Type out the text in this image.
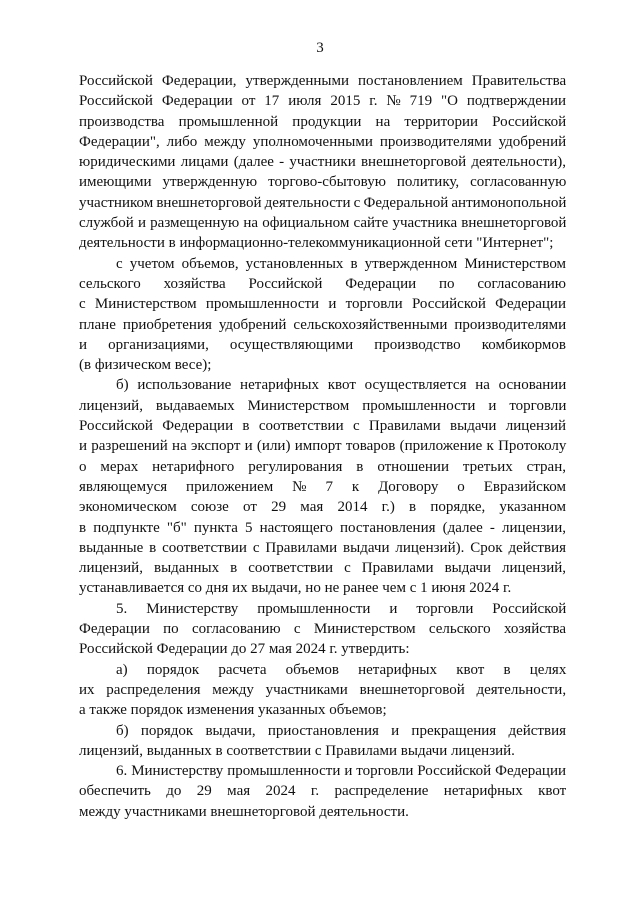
3
Российской Федерации, утвержденными постановлением Правительства
Российской Федерации от 17 июля 2015 г. № 719 "О подтверждении
производства промышленной продукции на территории Российской
Федерации", либо между уполномоченными производителями удобрений
юридическими лицами (далее - участники внешнеторговой деятельности),
имеющими утвержденную торгово-сбытовую политику, согласованную
участником внешнеторговой деятельности с Федеральной антимонопольной
службой и размещенную на официальном сайте участника внешнеторговой
деятельности в информационно-телекоммуникационной сети "Интернет";
с учетом объемов, установленных в утвержденном Министерством
сельского хозяйства Российской Федерации по согласованию
с Министерством промышленности и торговли Российской Федерации
плане приобретения удобрений сельскохозяйственными производителями
и организациями, осуществляющими производство комбикормов
(в физическом весе);
б) использование нетарифных квот осуществляется на основании
лицензий, выдаваемых Министерством промышленности и торговли
Российской Федерации в соответствии с Правилами выдачи лицензий
и разрешений на экспорт и (или) импорт товаров (приложение к Протоколу
о мерах нетарифного регулирования в отношении третьих стран,
являющемуся приложением № 7 к Договору о Евразийском
экономическом союзе от 29 мая 2014 г.) в порядке, указанном
в подпункте "б" пункта 5 настоящего постановления (далее - лицензии,
выданные в соответствии с Правилами выдачи лицензий). Срок действия
лицензий, выданных в соответствии с Правилами выдачи лицензий,
устанавливается со дня их выдачи, но не ранее чем с 1 июня 2024 г.
5. Министерству промышленности и торговли Российской
Федерации по согласованию с Министерством сельского хозяйства
Российской Федерации до 27 мая 2024 г. утвердить:
а) порядок расчета объемов нетарифных квот в целях
их распределения между участниками внешнеторговой деятельности,
а также порядок изменения указанных объемов;
б) порядок выдачи, приостановления и прекращения действия
лицензий, выданных в соответствии с Правилами выдачи лицензий.
6. Министерству промышленности и торговли Российской Федерации
обеспечить до 29 мая 2024 г. распределение нетарифных квот
между участниками внешнеторговой деятельности.
